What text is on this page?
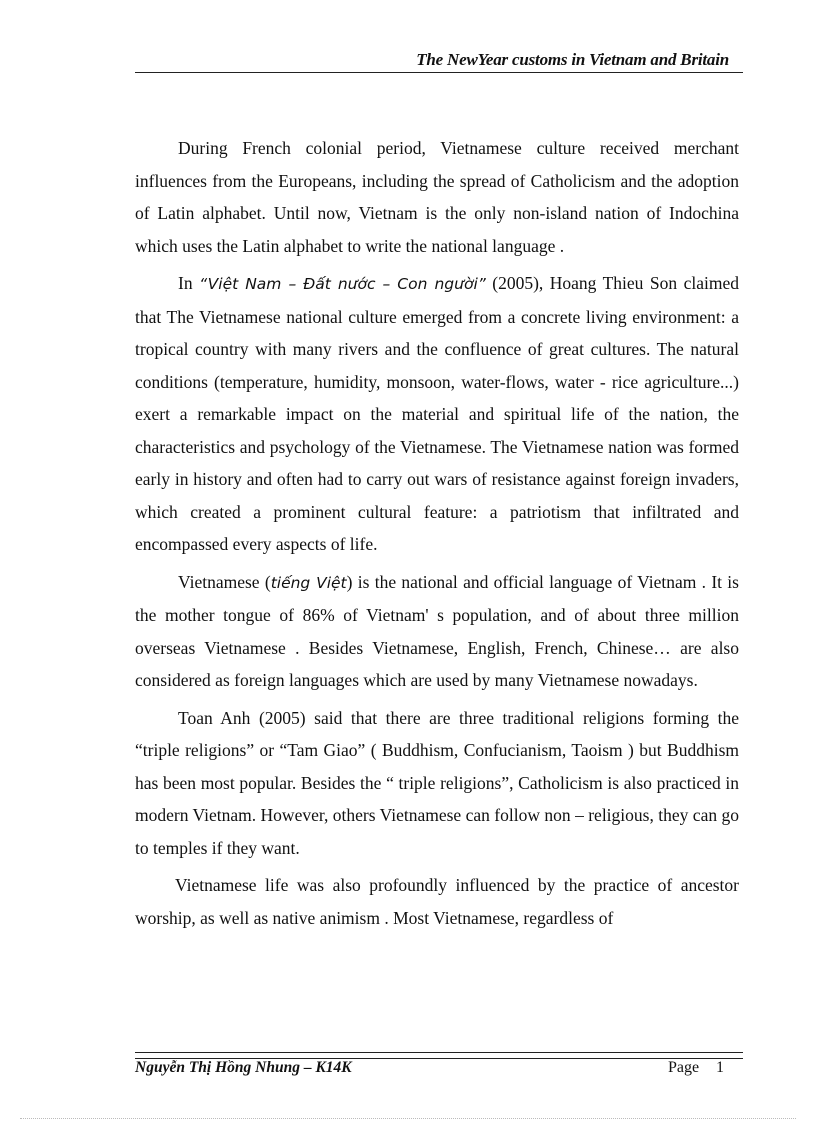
The NewYear customs in Vietnam and Britain

During French colonial period, Vietnamese culture received merchant influences from the Europeans, including the spread of Catholicism and the adoption of Latin alphabet. Until now, Vietnam is the only non-island nation of Indochina which uses the Latin alphabet to write the national language .

In “Việt Nam – Đất nước – Con người” (2005), Hoang Thieu Son claimed that The Vietnamese national culture emerged from a concrete living environment: a tropical country with many rivers and the confluence of great cultures. The natural conditions (temperature, humidity, monsoon, water-flows, water - rice agriculture...) exert a remarkable impact on the material and spiritual life of the nation, the characteristics and psychology of the Vietnamese. The Vietnamese nation was formed early in history and often had to carry out wars of resistance against foreign invaders, which created a prominent cultural feature: a patriotism that infiltrated and encompassed every aspects of life.

Vietnamese (tiếng Việt) is the national and official language of Vietnam . It is the mother tongue of 86% of Vietnam' s population, and of about three million overseas Vietnamese . Besides Vietnamese, English, French, Chinese… are also considered as foreign languages which are used by many Vietnamese nowadays.

Toan Anh (2005) said that there are three traditional religions forming the “triple religions” or “Tam Giao” ( Buddhism, Confucianism, Taoism ) but Buddhism has been most popular. Besides the “ triple religions”, Catholicism is also practiced in modern Vietnam. However, others Vietnamese can follow non – religious, they can go to temples if they want.

Vietnamese life was also profoundly influenced by the practice of ancestor worship, as well as native animism . Most Vietnamese, regardless of

Nguyễn Thị Hồng Nhung – K14K	Page 1
